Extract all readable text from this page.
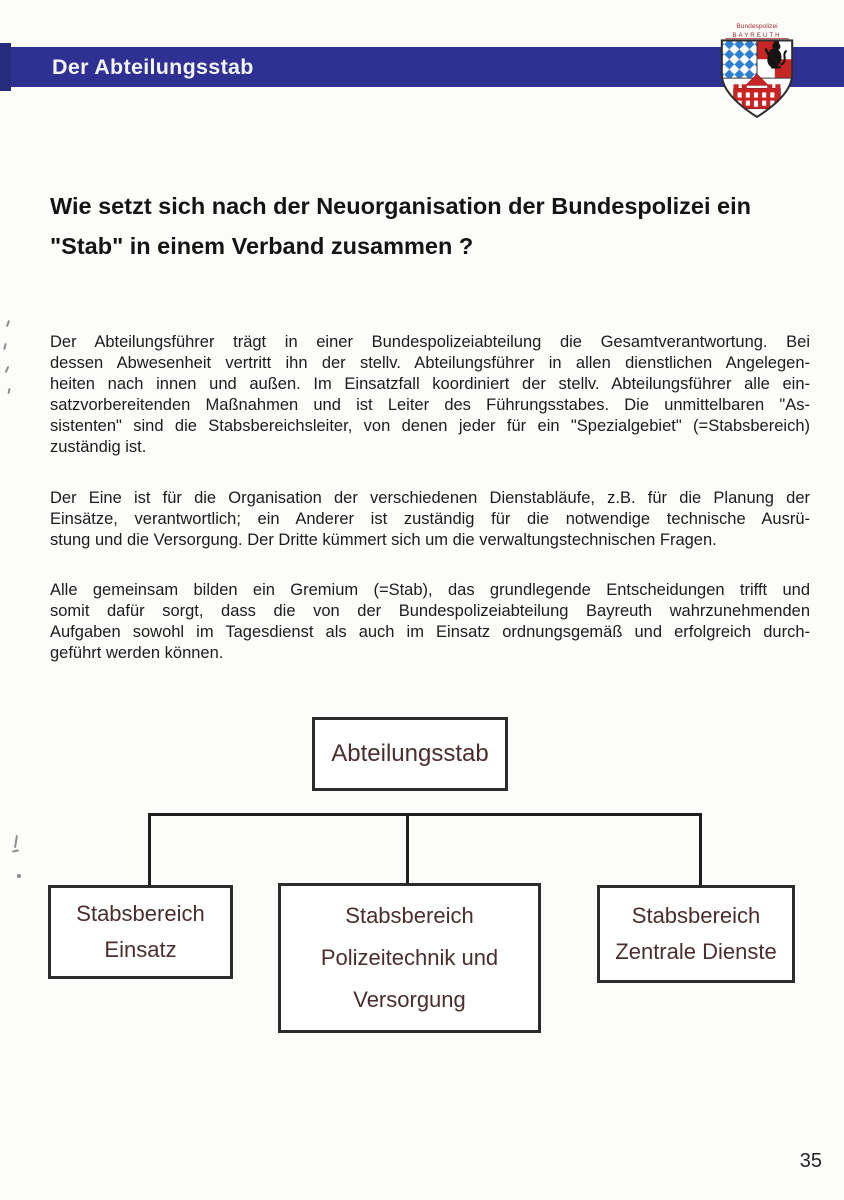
Der Abteilungsstab
Bundespolizei
BAYREUTH
Wie setzt sich nach der Neuorganisation der Bundespolizei ein
"Stab" in einem Verband zusammen ?
Der Abteilungsführer trägt in einer Bundespolizeiabteilung die Gesamtverantwortung. Bei
dessen Abwesenheit vertritt ihn der stellv. Abteilungsführer in allen dienstlichen Angelegen-
heiten nach innen und außen. Im Einsatzfall koordiniert der stellv. Abteilungsführer alle ein-
satzvorbereitenden Maßnahmen und ist Leiter des Führungsstabes. Die unmittelbaren "As-
sistenten" sind die Stabsbereichsleiter, von denen jeder für ein "Spezialgebiet" (=Stabsbereich)
zuständig ist.
Der Eine ist für die Organisation der verschiedenen Dienstabläufe, z.B. für die Planung der
Einsätze, verantwortlich; ein Anderer ist zuständig für die notwendige technische Ausrü-
stung und die Versorgung. Der Dritte kümmert sich um die verwaltungstechnischen Fragen.
Alle gemeinsam bilden ein Gremium (=Stab), das grundlegende Entscheidungen trifft und
somit dafür sorgt, dass die von der Bundespolizeiabteilung Bayreuth wahrzunehmenden
Aufgaben sowohl im Tagesdienst als auch im Einsatz ordnungsgemäß und erfolgreich durch-
geführt werden können.
Abteilungsstab
Stabsbereich
Einsatz
Stabsbereich
Polizeitechnik und
Versorgung
Stabsbereich
Zentrale Dienste
35
